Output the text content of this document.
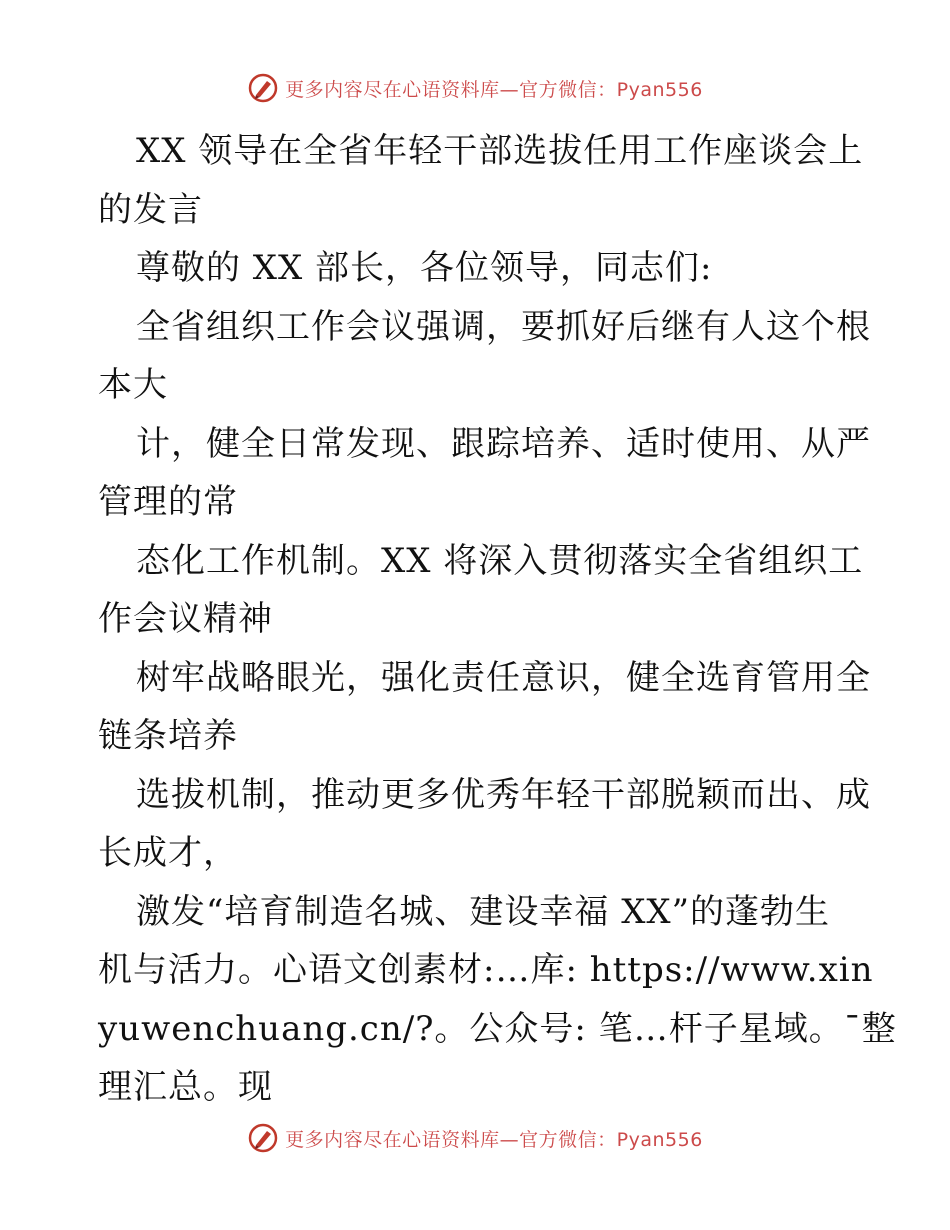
更多内容尽在心语资料库—官方微信：Pyan556
XX 领导在全省年轻干部选拔任用工作座谈会上
的发言
尊敬的 XX 部长，各位领导，同志们:
全省组织工作会议强调，要抓好后继有人这个根
本大
计，健全日常发现、跟踪培养、适时使用、从严
管理的常
态化工作机制。XX 将深入贯彻落实全省组织工
作会议精神
树牢战略眼光，强化责任意识，健全选育管用全
链条培养
选拔机制，推动更多优秀年轻干部脱颖而出、成
长成才，
激发“培育制造名城、建设幸福 XX”的蓬勃生
机与活力。心语文创素材:…库: https://www.xin
yuwenchuang.cn/?。公众号: 笔…杆子星域。¯整
理汇总。现
更多内容尽在心语资料库—官方微信：Pyan556
